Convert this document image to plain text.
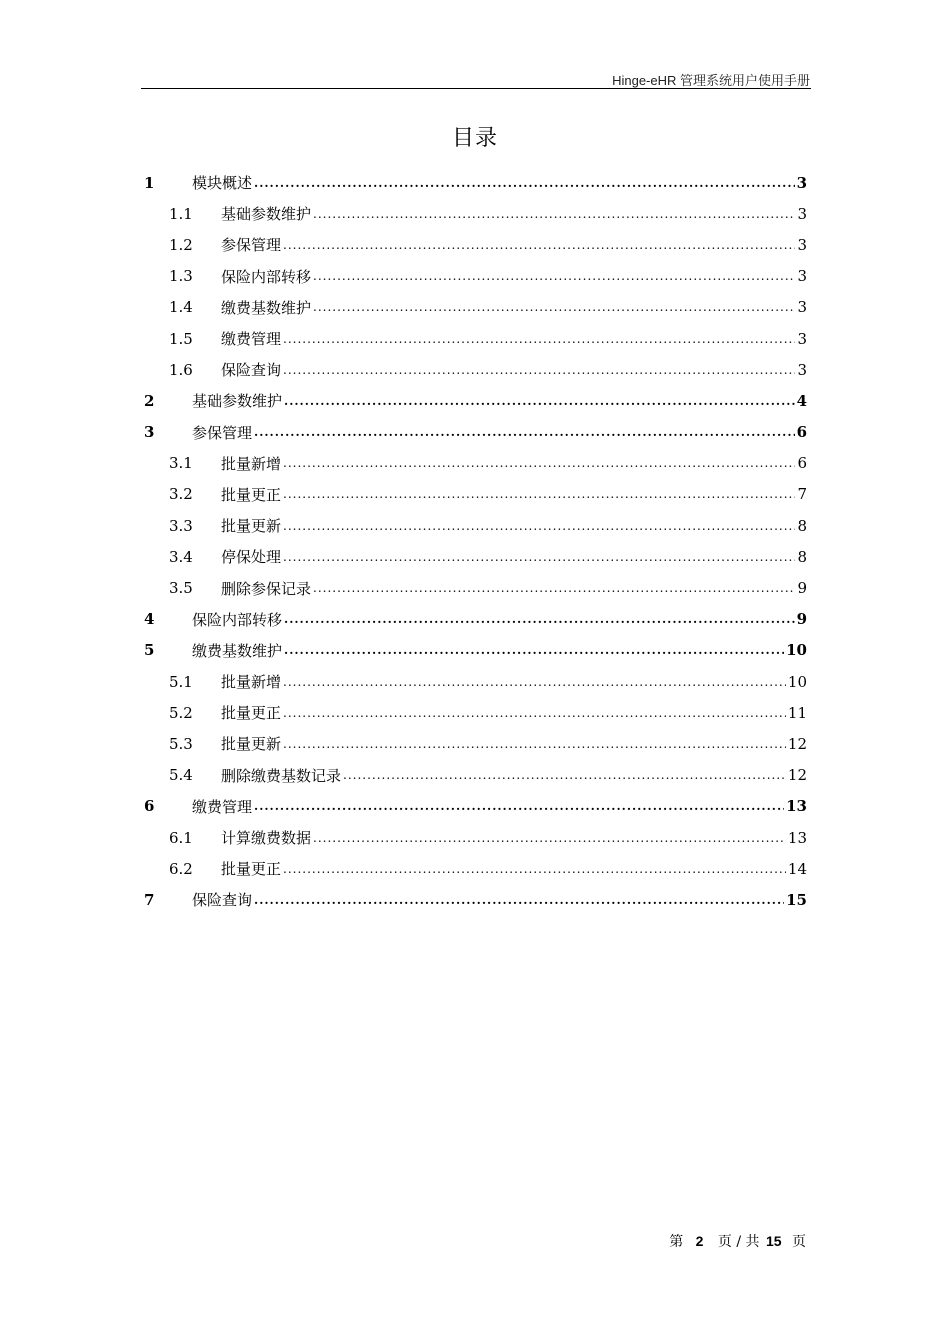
Hinge-eHR 管理系统用户使用手册
目录
1	模块概述 .....	3
1.1	基础参数维护 .....	3
1.2	参保管理 .....	3
1.3	保险内部转移 .....	3
1.4	缴费基数维护 .....	3
1.5	缴费管理 .....	3
1.6	保险查询 .....	3
2	基础参数维护 .....	4
3	参保管理 .....	6
3.1	批量新增 .....	6
3.2	批量更正 .....	7
3.3	批量更新 .....	8
3.4	停保处理 .....	8
3.5	删除参保记录 .....	9
4	保险内部转移 .....	9
5	缴费基数维护 .....	10
5.1	批量新增 .....	10
5.2	批量更正 .....	11
5.3	批量更新 .....	12
5.4	删除缴费基数记录 .....	12
6	缴费管理 .....	13
6.1	计算缴费数据 .....	13
6.2	批量更正 .....	14
7	保险查询 .....	15
第 2 页 / 共 15 页
